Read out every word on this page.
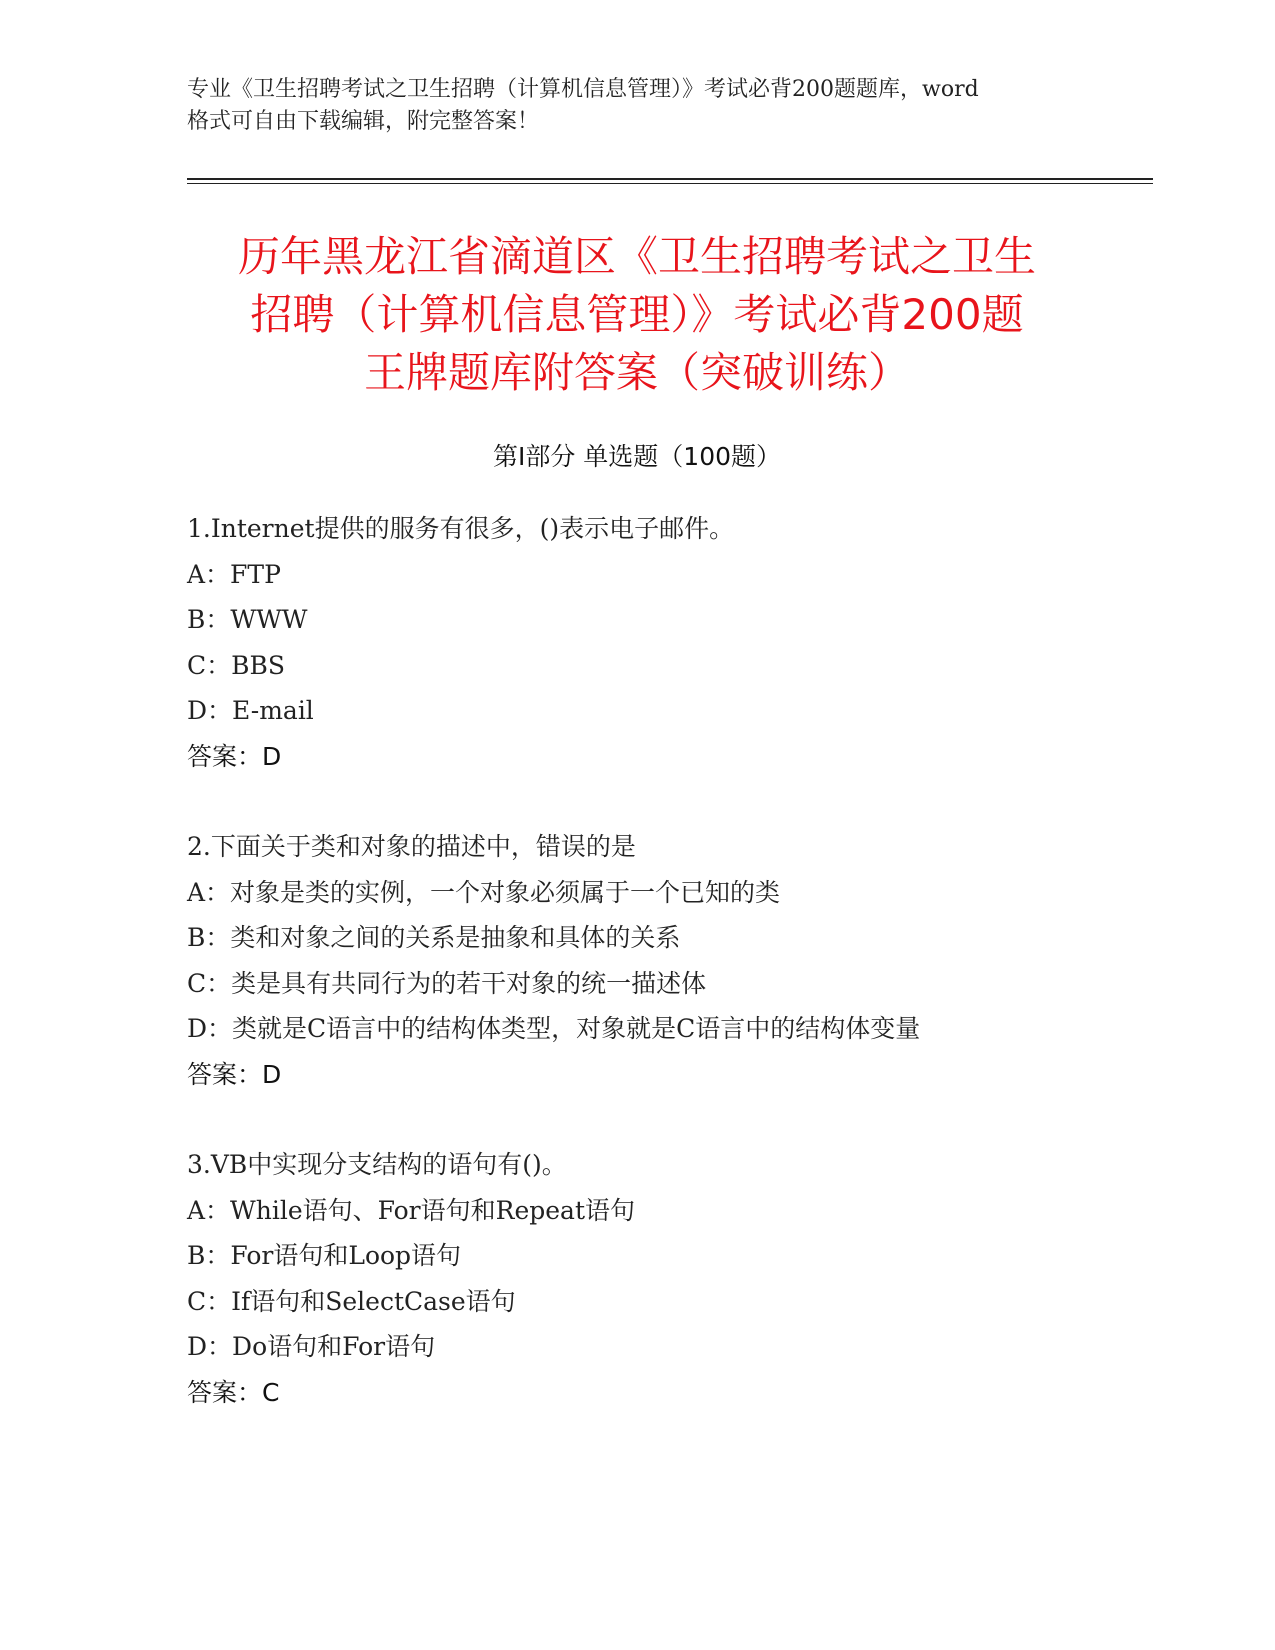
专业《卫生招聘考试之卫生招聘（计算机信息管理）》考试必背200题题库，word
格式可自由下载编辑，附完整答案！
历年黑龙江省滴道区《卫生招聘考试之卫生
招聘（计算机信息管理）》考试必背200题
王牌题库附答案（突破训练）
第Ⅰ部分 单选题（100题）
1.Internet提供的服务有很多，()表示电子邮件。
A：FTP
B：WWW
C：BBS
D：E-mail
答案：D
2.下面关于类和对象的描述中，错误的是
A：对象是类的实例，一个对象必须属于一个已知的类
B：类和对象之间的关系是抽象和具体的关系
C：类是具有共同行为的若干对象的统一描述体
D：类就是C语言中的结构体类型，对象就是C语言中的结构体变量
答案：D
3.VB中实现分支结构的语句有()。
A：While语句、For语句和Repeat语句
B：For语句和Loop语句
C：If语句和SelectCase语句
D：Do语句和For语句
答案：C
